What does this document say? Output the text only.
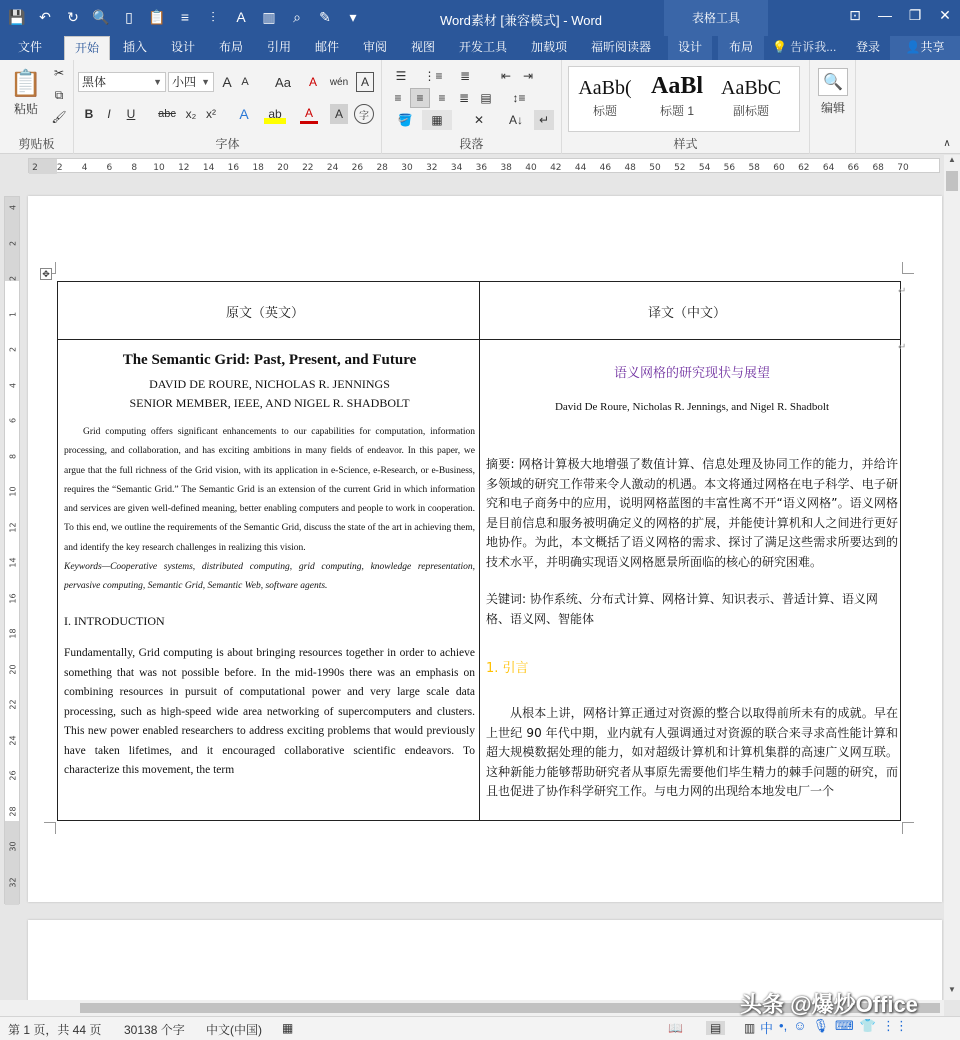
💾 ↶	↻ 🔍	▯	📋	≡	⫶	A	▥	⌕	✎	▾	Word素材 [兼容模式] - Word	表格工具	⊡	—	❐	✕
文件	开始	插入	设计	布局	引用	邮件	审阅	视图	开发工具	加载项	福昕阅读器	设计	布局	💡 告诉我... 登录	👤共享
📋
粘贴
✂
⧉
🖌
剪贴板
黑体	▼ 小四 ▼ A A	Aa	A	wén	A
B	I	U	abc x₂ x²	A	ab	A	A	字
字体
☰	⋮≡	≣	⇤ ⇥
≡	≡	≡	≣ ▤	↕≡
🪣	▦	✕	A↓	↵
段落	样式
AaBb(
标题
AaBl
标题 1
AaBbC
副标题
🔍
编辑
∧
2 2 4 6 8 10 12 14 16 18 20 22 24 26 28 30 32 34 36 38 40 42 44 46 48 50 52 54 56 58 60 62 64 66 68 70
4
2
2
1
2
4
6
8
10
12
14
16
18
20
22
24
26
28
30
32
✥
原文（英文）	译文（中文）
The Semantic Grid: Past, Present, and Future
DAVID DE ROURE, NICHOLAS R. JENNINGS
SENIOR MEMBER, IEEE, AND NIGEL R. SHADBOLT
Grid computing offers significant enhancements to our capabilities for computation, information processing, and collaboration, and has exciting ambitions in many fields of endeavor. In this paper, we argue that the full richness of the Grid vision, with its application in e-Science, e-Research, or e-Business, requires the “Semantic Grid.” The Semantic Grid is an extension of the current Grid in which information and services are given well-defined meaning, better enabling computers and people to work in cooperation. To this end, we outline the requirements of the Semantic Grid, discuss the state of the art in achieving them, and identify the key research challenges in realizing this vision.
Keywords—Cooperative systems, distributed computing, grid computing, knowledge representation, pervasive computing, Semantic Grid, Semantic Web, software agents.
I. INTRODUCTION
Fundamentally, Grid computing is about bringing resources together in order to achieve something that was not possible before. In the mid-1990s there was an emphasis on combining resources in pursuit of computational power and very large scale data processing, such as high-speed wide area networking of supercomputers and clusters. This new power enabled researchers to address exciting problems that would previously have taken lifetimes, and it encouraged collaborative scientific endeavors. To characterize this movement, the term
语义网格的研究现状与展望
David De Roure, Nicholas R. Jennings, and Nigel R. Shadbolt
摘要: 网格计算极大地增强了数值计算、信息处理及协同工作的能力，并给许多领域的研究工作带来令人激动的机遇。本文将通过网格在电子科学、电子研究和电子商务中的应用，说明网格蓝图的丰富性离不开“语义网格”。语义网格是目前信息和服务被明确定义的网格的扩展，并能使计算机和人之间进行更好地协作。为此，本文概括了语义网格的需求、探讨了满足这些需求所要达到的技术水平，并明确实现语义网格愿景所面临的核心的研究困难。
关键词: 协作系统、分布式计算、网格计算、知识表示、普适计算、语义网格、语义网、智能体
1. 引言
从根本上讲，网格计算正通过对资源的整合以取得前所未有的成就。早在上世纪 90 年代中期，业内就有人强调通过对资源的联合来寻求高性能计算和超大规模数据处理的能力，如对超级计算机和计算机集群的高速广义网互联。这种新能力能够帮助研究者从事原先需要他们毕生精力的棘手问题的研究，而且也促进了协作科学研究工作。与电力网的出现给本地发电厂一个
↵
↵
▲
▼
第 1 页，共 44 页 30138 个字 中文(中国) ▦	📖	▤	▥
头条 @爆炒Office
中 •, ☺ 🎙 ⌨ 👕 ⋮⋮
